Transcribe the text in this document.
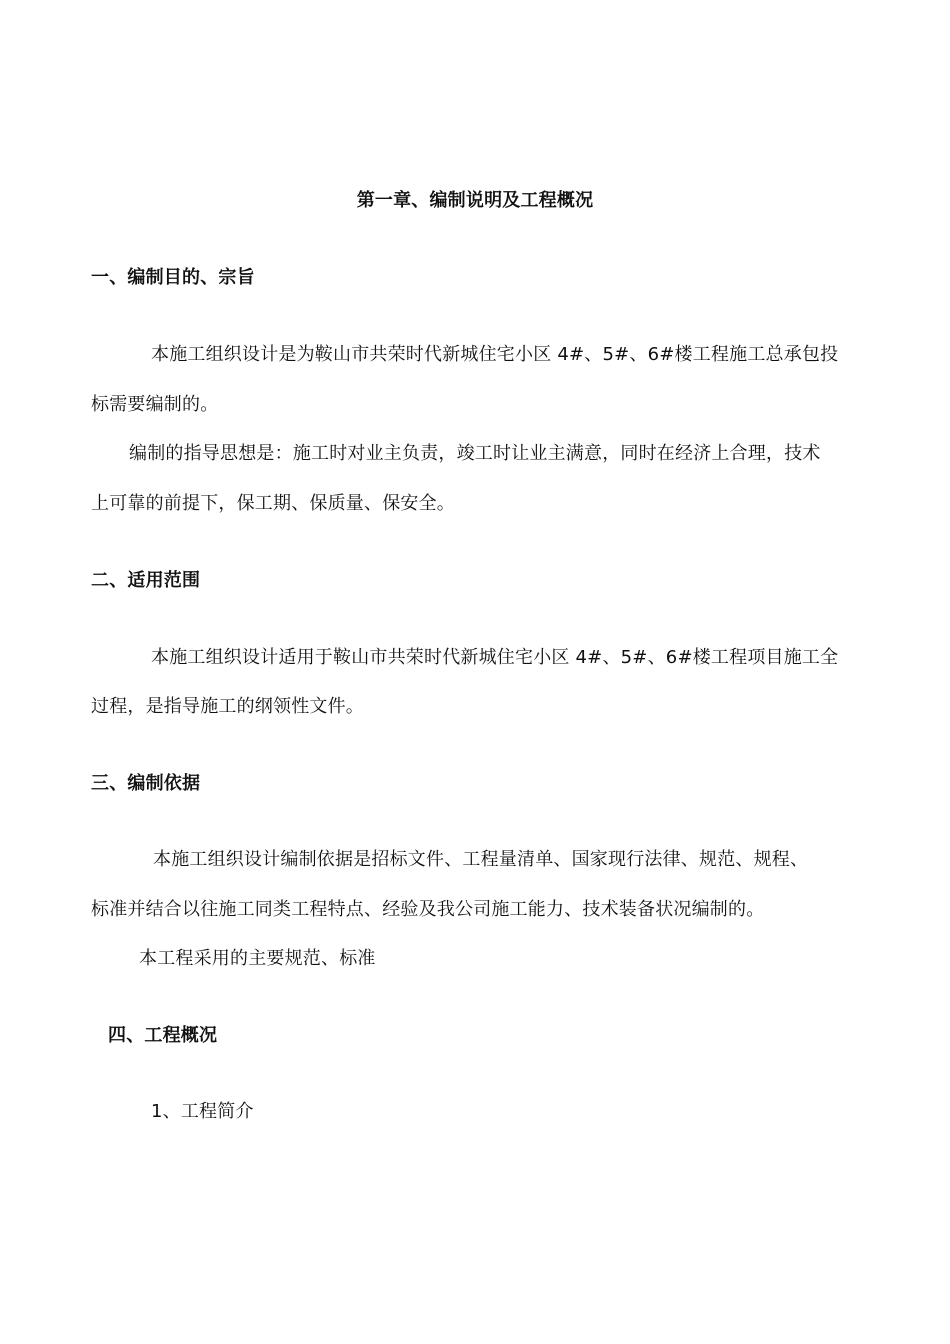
第一章、编制说明及工程概况
一、编制目的、宗旨
本施工组织设计是为鞍山市共荣时代新城住宅小区 4#、5#、6#楼工程施工总承包投
标需要编制的。
编制的指导思想是：施工时对业主负责，竣工时让业主满意，同时在经济上合理，技术
上可靠的前提下，保工期、保质量、保安全。
二、适用范围
本施工组织设计适用于鞍山市共荣时代新城住宅小区 4#、5#、6#楼工程项目施工全
过程，是指导施工的纲领性文件。
三、编制依据
本施工组织设计编制依据是招标文件、工程量清单、国家现行法律、规范、规程、
标准并结合以往施工同类工程特点、经验及我公司施工能力、技术装备状况编制的。
本工程采用的主要规范、标准
四、工程概况
1、工程简介
